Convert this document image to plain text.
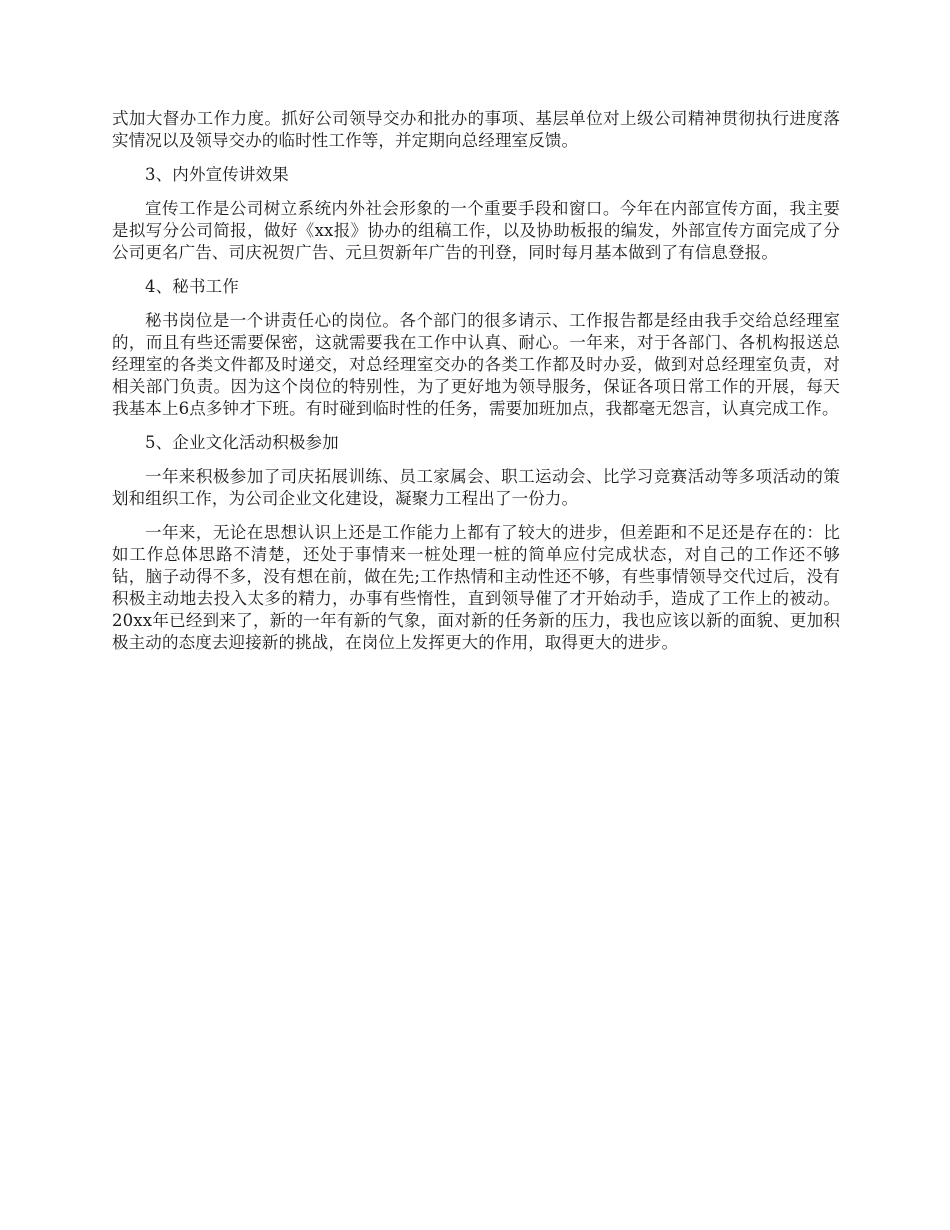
式加大督办工作力度。抓好公司领导交办和批办的事项、基层单位对上级公司精神贯彻执行进度落实情况以及领导交办的临时性工作等，并定期向总经理室反馈。

3、内外宣传讲效果

宣传工作是公司树立系统内外社会形象的一个重要手段和窗口。今年在内部宣传方面，我主要是拟写分公司简报，做好《xx报》协办的组稿工作，以及协助板报的编发，外部宣传方面完成了分公司更名广告、司庆祝贺广告、元旦贺新年广告的刊登，同时每月基本做到了有信息登报。

4、秘书工作

秘书岗位是一个讲责任心的岗位。各个部门的很多请示、工作报告都是经由我手交给总经理室的，而且有些还需要保密，这就需要我在工作中认真、耐心。一年来，对于各部门、各机构报送总经理室的各类文件都及时递交，对总经理室交办的各类工作都及时办妥，做到对总经理室负责，对相关部门负责。因为这个岗位的特别性，为了更好地为领导服务，保证各项日常工作的开展，每天我基本上6点多钟才下班。有时碰到临时性的任务，需要加班加点，我都毫无怨言，认真完成工作。

5、企业文化活动积极参加

一年来积极参加了司庆拓展训练、员工家属会、职工运动会、比学习竞赛活动等多项活动的策划和组织工作，为公司企业文化建设，凝聚力工程出了一份力。

一年来，无论在思想认识上还是工作能力上都有了较大的进步，但差距和不足还是存在的：比如工作总体思路不清楚，还处于事情来一桩处理一桩的简单应付完成状态，对自己的工作还不够钻，脑子动得不多，没有想在前，做在先;工作热情和主动性还不够，有些事情领导交代过后，没有积极主动地去投入太多的精力，办事有些惰性，直到领导催了才开始动手，造成了工作上的被动。20xx年已经到来了，新的一年有新的气象，面对新的任务新的压力，我也应该以新的面貌、更加积极主动的态度去迎接新的挑战，在岗位上发挥更大的作用，取得更大的进步。
